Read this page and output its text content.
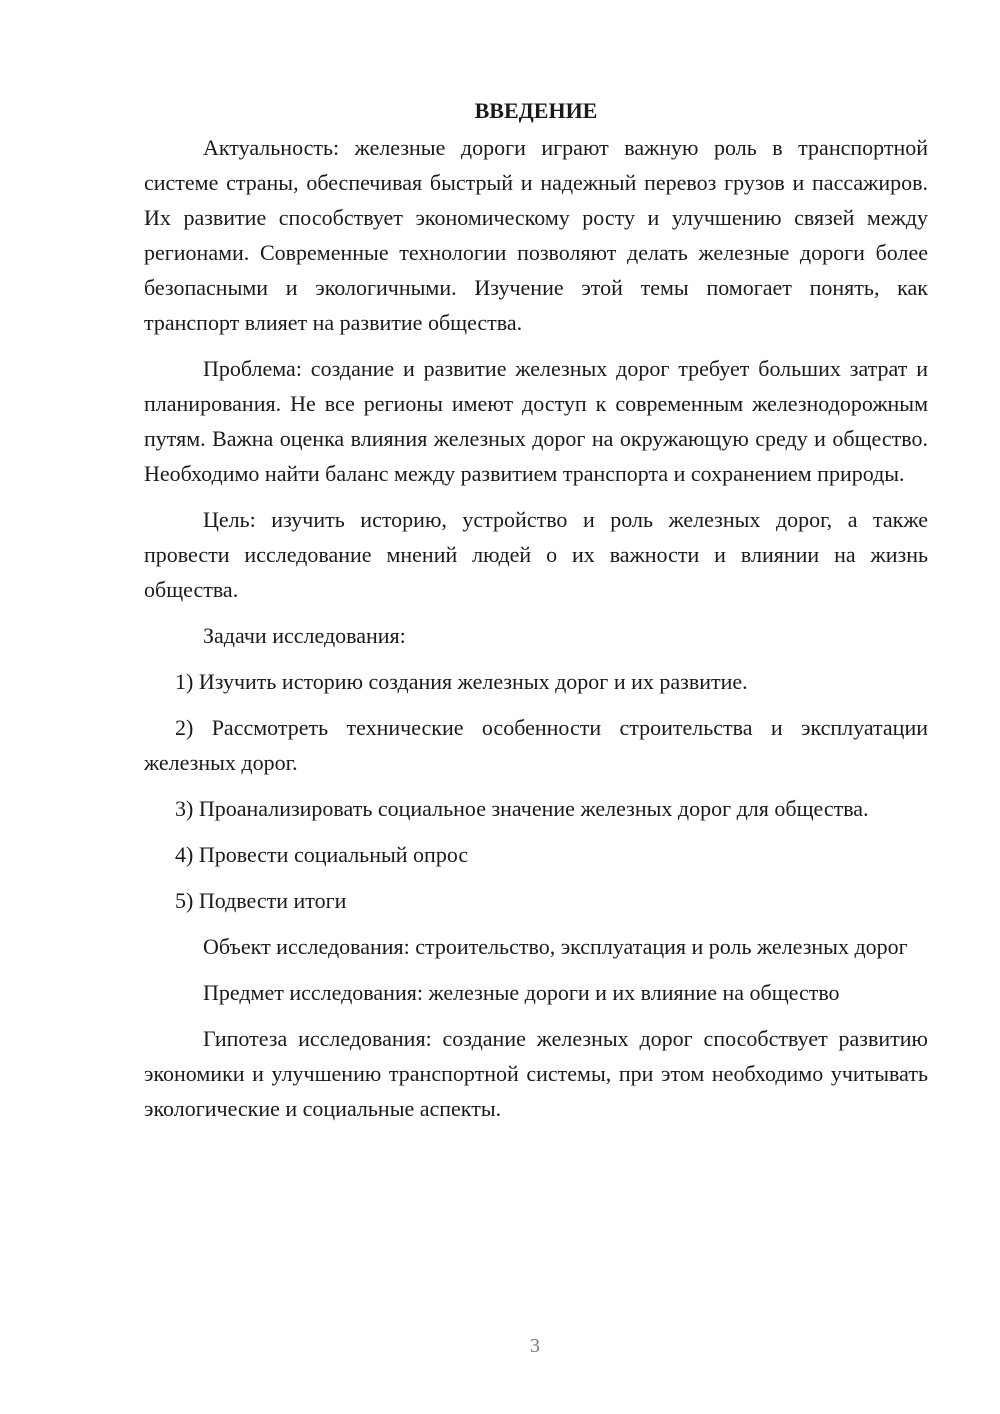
ВВЕДЕНИЕ

Актуальность: железные дороги играют важную роль в транспортной системе страны, обеспечивая быстрый и надежный перевоз грузов и пассажиров. Их развитие способствует экономическому росту и улучшению связей между регионами. Современные технологии позволяют делать железные дороги более безопасными и экологичными. Изучение этой темы помогает понять, как транспорт влияет на развитие общества.

Проблема: создание и развитие железных дорог требует больших затрат и планирования. Не все регионы имеют доступ к современным железнодорожным путям. Важна оценка влияния железных дорог на окружающую среду и общество. Необходимо найти баланс между развитием транспорта и сохранением природы.

Цель: изучить историю, устройство и роль железных дорог, а также провести исследование мнений людей о их важности и влиянии на жизнь общества.

Задачи исследования:

1) Изучить историю создания железных дорог и их развитие.

2) Рассмотреть технические особенности строительства и эксплуатации железных дорог.

3) Проанализировать социальное значение железных дорог для общества.

4) Провести социальный опрос

5) Подвести итоги

Объект исследования: строительство, эксплуатация и роль железных дорог

Предмет исследования: железные дороги и их влияние на общество

Гипотеза исследования: создание железных дорог способствует развитию экономики и улучшению транспортной системы, при этом необходимо учитывать экологические и социальные аспекты.

3
